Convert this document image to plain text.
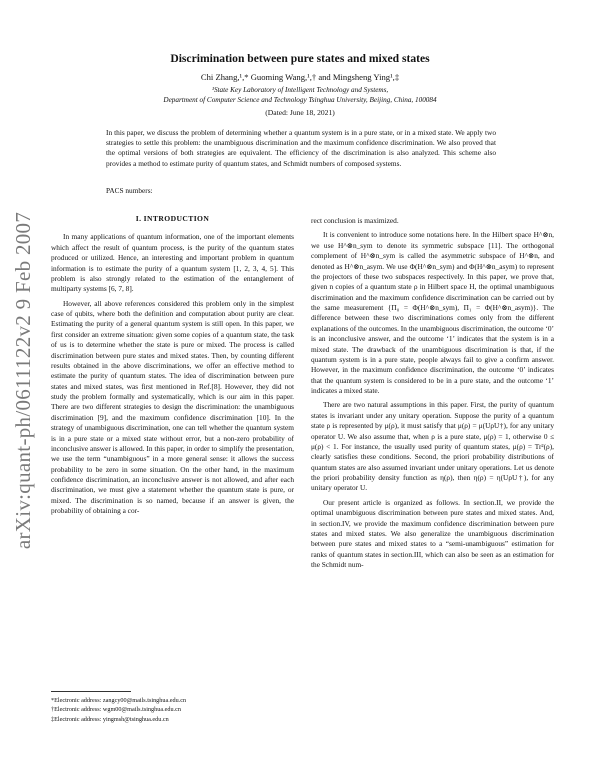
arXiv:quant-ph/0611122v2 9 Feb 2007
Discrimination between pure states and mixed states
Chi Zhang,¹,* Guoming Wang,¹,† and Mingsheng Ying¹,‡
¹State Key Laboratory of Intelligent Technology and Systems,
Department of Computer Science and Technology Tsinghua University, Beijing, China, 100084
(Dated: June 18, 2021)
In this paper, we discuss the problem of determining whether a quantum system is in a pure state, or in a mixed state. We apply two strategies to settle this problem: the unambiguous discrimination and the maximum confidence discrimination. We also proved that the optimal versions of both strategies are equivalent. The efficiency of the discrimination is also analyzed. This scheme also provides a method to estimate purity of quantum states, and Schmidt numbers of composed systems.
PACS numbers:
I. INTRODUCTION

In many applications of quantum information, one of the important elements which affect the result of quantum process, is the purity of the quantum states produced or utilized. Hence, an interesting and important problem in quantum information is to estimate the purity of a quantum system [1, 2, 3, 4, 5]. This problem is also strongly related to the estimation of the entanglement of multiparty systems [6, 7, 8].

However, all above references considered this problem only in the simplest case of qubits, where both the definition and computation about purity are clear. Estimating the purity of a general quantum system is still open. In this paper, we first consider an extreme situation: given some copies of a quantum state, the task of us is to determine whether the state is pure or mixed. The process is called discrimination between pure states and mixed states. Then, by counting different results obtained in the above discriminations, we offer an effective method to estimate the purity of quantum states. The idea of discrimination between pure states and mixed states, was first mentioned in Ref.[8]. However, they did not study the problem formally and systematically, which is our aim in this paper. There are two different strategies to design the discrimination: the unambiguous discrimination [9], and the maximum confidence discrimination [10]. In the strategy of unambiguous discrimination, one can tell whether the quantum system is in a pure state or a mixed state without error, but a non-zero probability of inconclusive answer is allowed. In this paper, in order to simplify the presentation, we use the term “unambiguous” in a more general sense: it allows the success probability to be zero in some situation. On the other hand, in the maximum confidence discrimination, an inconclusive answer is not allowed, and after each discrimination, we must give a statement whether the quantum state is pure, or mixed. The discrimination is so named, because if an answer is given, the probability of obtaining a cor-

rect conclusion is maximized.

It is convenient to introduce some notations here. In the Hilbert space H^⊗n, we use H^⊗n_sym to denote its symmetric subspace [11]. The orthogonal complement of H^⊗n_sym is called the asymmetric subspace of H^⊗n, and denoted as H^⊗n_asym. We use Φ(H^⊗n_sym) and Φ(H^⊗n_asym) to represent the projectors of these two subspaces respectively. In this paper, we prove that, given n copies of a quantum state ρ in Hilbert space H, the optimal unambiguous discrimination and the maximum confidence discrimination can be carried out by the same measurement {Π₀ = Φ(H^⊗n_sym), Π₁ = Φ(H^⊗n_asym)}. The difference between these two discriminations comes only from the different explanations of the outcomes. In the unambiguous discrimination, the outcome ‘0’ is an inconclusive answer, and the outcome ‘1’ indicates that the system is in a mixed state. The drawback of the unambiguous discrimination is that, if the quantum system is in a pure state, people always fail to give a confirm answer. However, in the maximum confidence discrimination, the outcome ‘0’ indicates that the quantum system is considered to be in a pure state, and the outcome ‘1’ indicates a mixed state.

There are two natural assumptions in this paper. First, the purity of quantum states is invariant under any unitary operation. Suppose the purity of a quantum state ρ is represented by μ(ρ), it must satisfy that μ(ρ) = μ(UρU†), for any unitary operator U. We also assume that, when ρ is a pure state, μ(ρ) = 1, otherwise 0 ≤ μ(ρ) < 1. For instance, the usually used purity of quantum states, μ(ρ) = Tr²(ρ), clearly satisfies these conditions. Second, the priori probability distributions of quantum states are also assumed invariant under unitary operations. Let us denote the priori probability density function as η(ρ), then η(ρ) = η(UρU†), for any unitary operator U.

Our present article is organized as follows. In section.II, we provide the optimal unambiguous discrimination between pure states and mixed states. And, in section.IV, we provide the maximum confidence discrimination between pure states and mixed states. We also generalize the unambiguous discrimination between pure states and mixed states to a “semi-unambiguous” estimation for ranks of quantum states in section.III, which can also be seen as an estimation for the Schmidt num-

*Electronic address: zangcy00@mails.tsinghua.edu.cn
†Electronic address: wgm00@mails.tsinghua.edu.cn
‡Electronic address: yingmsh@tsinghua.edu.cn
